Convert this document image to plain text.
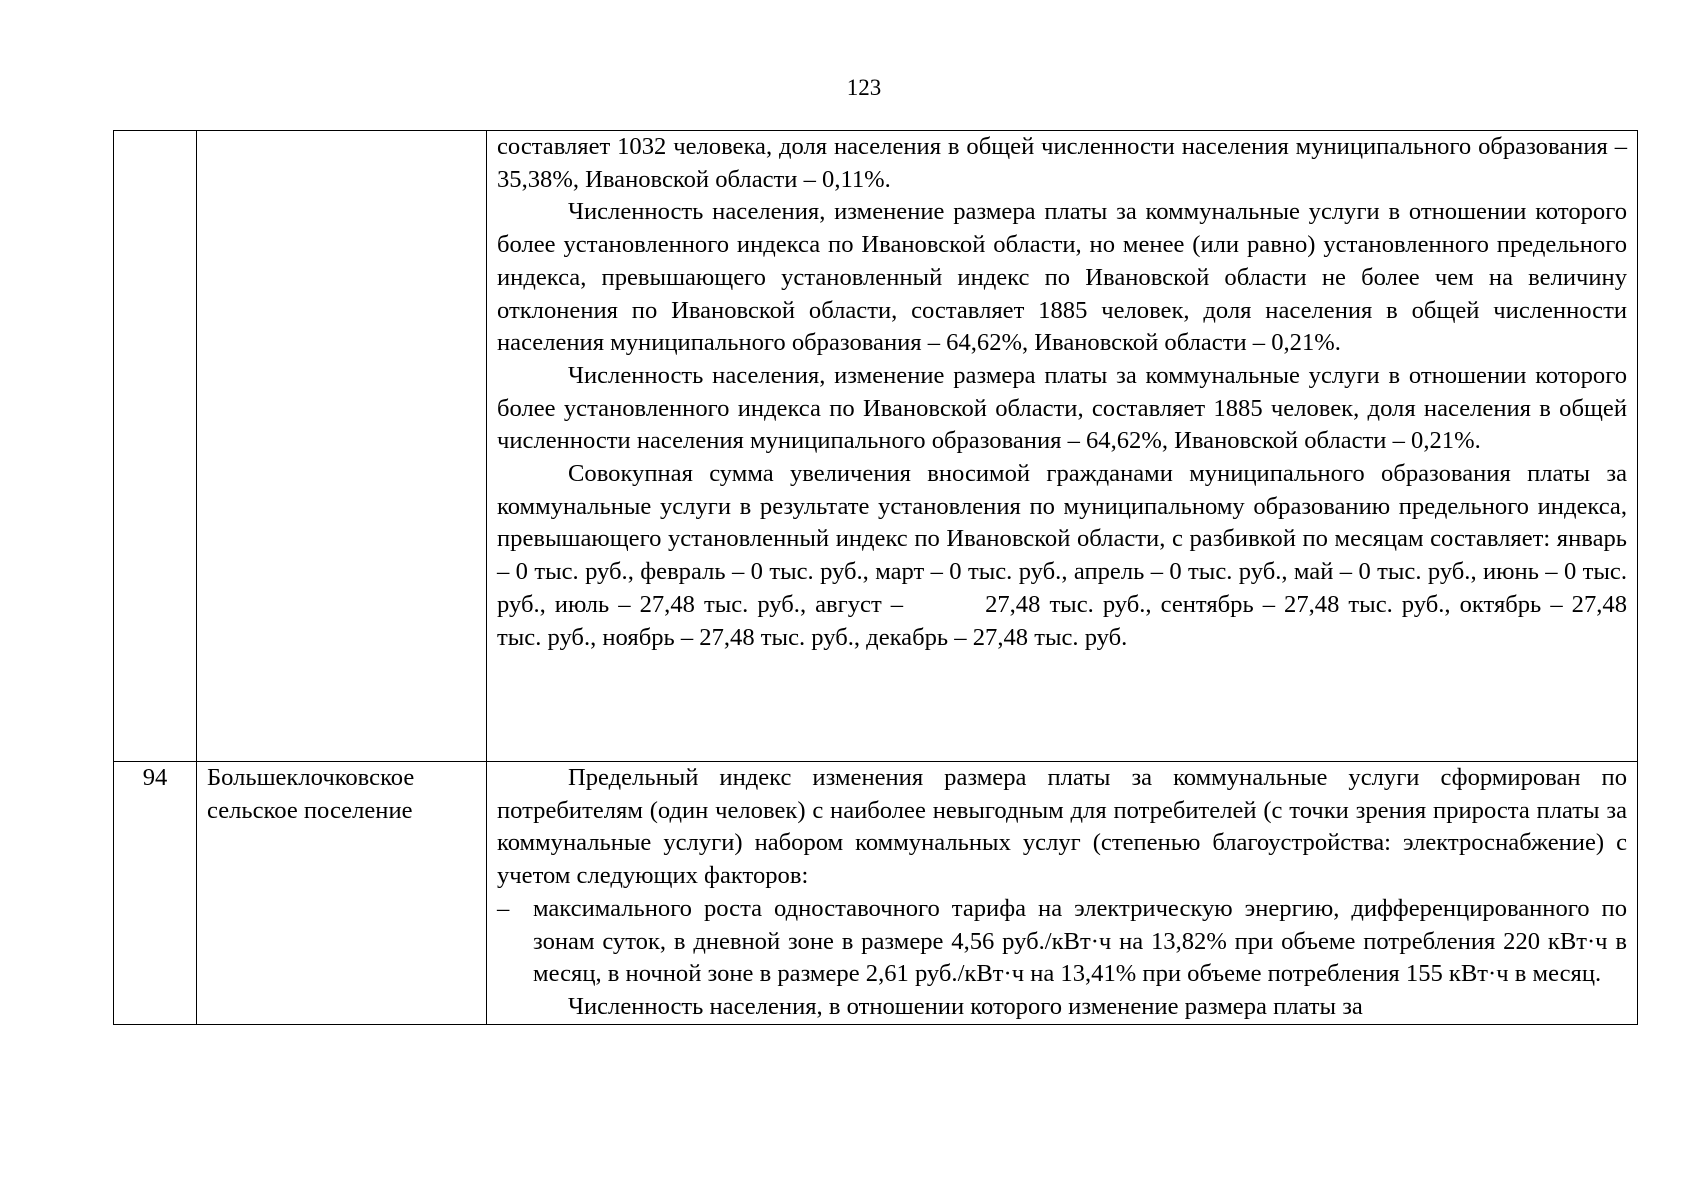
123

		составляет 1032 человека, доля населения в общей численности населения муниципального образования – 35,38%, Ивановской области – 0,11%.

Численность населения, изменение размера платы за коммунальные услуги в отношении которого более установленного индекса по Ивановской области, но менее (или равно) установленного предельного индекса, превышающего установленный индекс по Ивановской области не более чем на величину отклонения по Ивановской области, составляет 1885 человек, доля населения в общей численности населения муниципального образования – 64,62%, Ивановской области – 0,21%.

Численность населения, изменение размера платы за коммунальные услуги в отношении которого более установленного индекса по Ивановской области, составляет 1885 человек, доля населения в общей численности населения муниципального образования – 64,62%, Ивановской области – 0,21%.

Совокупная сумма увеличения вносимой гражданами муниципального образования платы за коммунальные услуги в результате установления по муниципальному образованию предельного индекса, превышающего установленный индекс по Ивановской области, с разбивкой по месяцам составляет: январь – 0 тыс. руб., февраль – 0 тыс. руб., март – 0 тыс. руб., апрель – 0 тыс. руб., май – 0 тыс. руб., июнь – 0 тыс. руб., июль – 27,48 тыс. руб., август – 27,48 тыс. руб., сентябрь – 27,48 тыс. руб., октябрь – 27,48 тыс. руб., ноябрь – 27,48 тыс. руб., декабрь – 27,48 тыс. руб.

94	Большеклочковское сельское поселение	Предельный индекс изменения размера платы за коммунальные услуги сформирован по потребителям (один человек) с наиболее невыгодным для потребителей (с точки зрения прироста платы за коммунальные услуги) набором коммунальных услуг (степенью благоустройства: электроснабжение) с учетом следующих факторов:

– максимального роста одноставочного тарифа на электрическую энергию, дифференцированного по зонам суток, в дневной зоне в размере 4,56 руб./кВт·ч на 13,82% при объеме потребления 220 кВт·ч в месяц, в ночной зоне в размере 2,61 руб./кВт·ч на 13,41% при объеме потребления 155 кВт·ч в месяц.

Численность населения, в отношении которого изменение размера платы за
